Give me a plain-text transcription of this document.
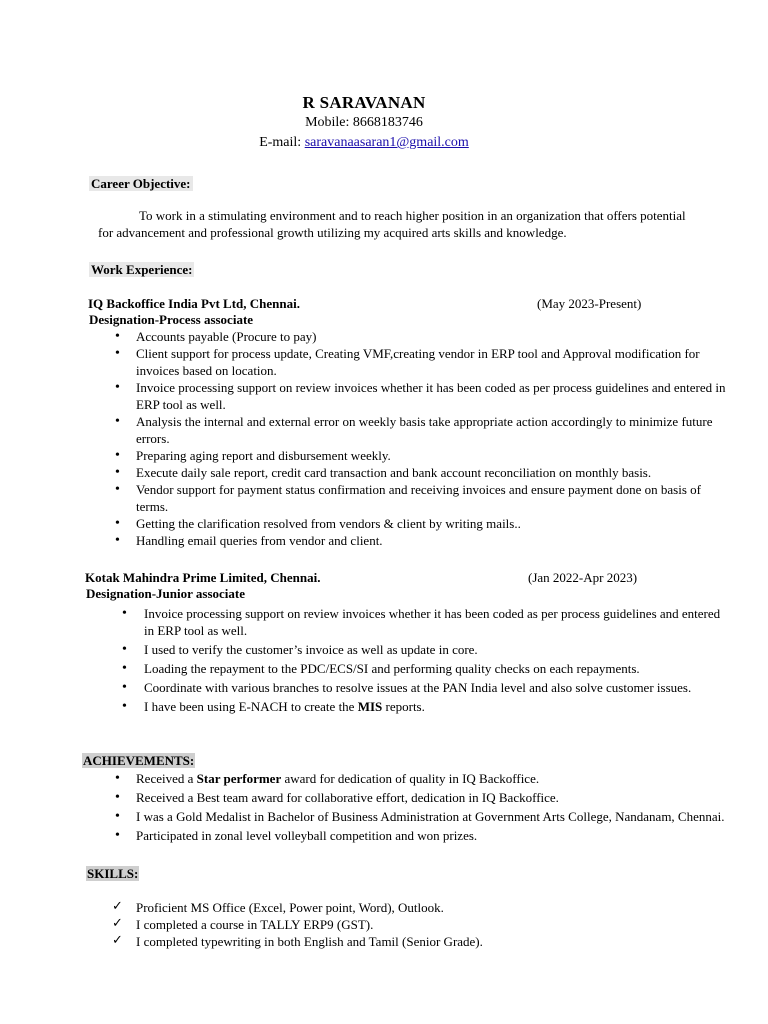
R SARAVANAN
Mobile: 8668183746
E-mail: saravanaasaran1@gmail.com
Career Objective:

To work in a stimulating environment and to reach higher position in an organization that offers potential for advancement and professional growth utilizing my acquired arts skills and knowledge.

Work Experience:
IQ Backoffice India Pvt Ltd, Chennai.	(May 2023-Present)
Designation-Process associate
• Accounts payable (Procure to pay)
• Client support for process update, Creating VMF,creating vendor in ERP tool and Approval modification for invoices based on location.
• Invoice processing support on review invoices whether it has been coded as per process guidelines and entered in ERP tool as well.
• Analysis the internal and external error on weekly basis take appropriate action accordingly to minimize future errors.
• Preparing aging report and disbursement weekly.
• Execute daily sale report, credit card transaction and bank account reconciliation on monthly basis.
• Vendor support for payment status confirmation and receiving invoices and ensure payment done on basis of terms.
• Getting the clarification resolved from vendors & client by writing mails..
• Handling email queries from vendor and client.
Kotak Mahindra Prime Limited, Chennai.	(Jan 2022-Apr 2023)
Designation-Junior associate
• Invoice processing support on review invoices whether it has been coded as per process guidelines and entered in ERP tool as well.
• I used to verify the customer’s invoice as well as update in core.
• Loading the repayment to the PDC/ECS/SI and performing quality checks on each repayments.
• Coordinate with various branches to resolve issues at the PAN India level and also solve customer issues.
• I have been using E-NACH to create the MIS reports.
ACHIEVEMENTS:
• Received a Star performer award for dedication of quality in IQ Backoffice.
• Received a Best team award for collaborative effort, dedication in IQ Backoffice.
• I was a Gold Medalist in Bachelor of Business Administration at Government Arts College, Nandanam, Chennai.
• Participated in zonal level volleyball competition and won prizes.
SKILLS:
✓ Proficient MS Office (Excel, Power point, Word), Outlook.
✓ I completed a course in TALLY ERP9 (GST).
✓ I completed typewriting in both English and Tamil (Senior Grade).
